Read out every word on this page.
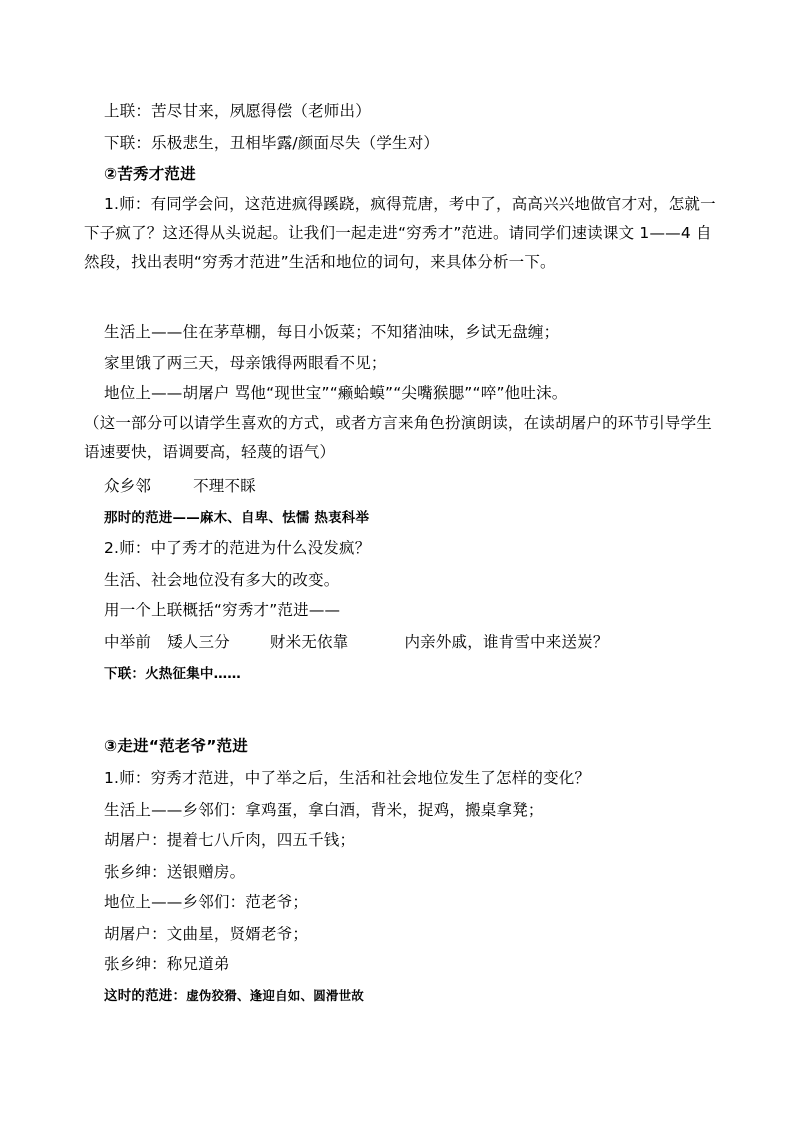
上联：苦尽甘来，夙愿得偿（老师出）
下联：乐极悲生，丑相毕露/颜面尽失（学生对）
②苦秀才范进
1.师：有同学会问，这范进疯得蹊跷，疯得荒唐，考中了，高高兴兴地做官才对，怎就一下子疯了？这还得从头说起。让我们一起走进“穷秀才”范进。请同学们速读课文 1——4 自然段，找出表明“穷秀才范进”生活和地位的词句，来具体分析一下。
生活上——住在茅草棚，每日小饭菜；不知猪油味，乡试无盘缠；
家里饿了两三天，母亲饿得两眼看不见；
地位上——胡屠户 骂他“现世宝”“癞蛤蟆”“尖嘴猴腮”“啐”他吐沫。
（这一部分可以请学生喜欢的方式，或者方言来角色扮演朗读，在读胡屠户的环节引导学生语速要快，语调要高，轻蔑的语气）
众乡邻	不理不睬
那时的范进——麻木、自卑、怯懦 热衷科举
2.师：中了秀才的范进为什么没发疯？
生活、社会地位没有多大的改变。
用一个上联概括“穷秀才”范进——
中举前 矮人三分	财米无依靠	内亲外戚，谁肯雪中来送炭？
下联：火热征集中……
③走进“范老爷”范进
1.师：穷秀才范进，中了举之后，生活和社会地位发生了怎样的变化？
生活上——乡邻们：拿鸡蛋，拿白酒，背米，捉鸡，搬桌拿凳；
胡屠户：提着七八斤肉，四五千钱；
张乡绅：送银赠房。
地位上——乡邻们：范老爷；
胡屠户：文曲星，贤婿老爷；
张乡绅：称兄道弟
这时的范进：虚伪狡猾、逢迎自如、圆滑世故
